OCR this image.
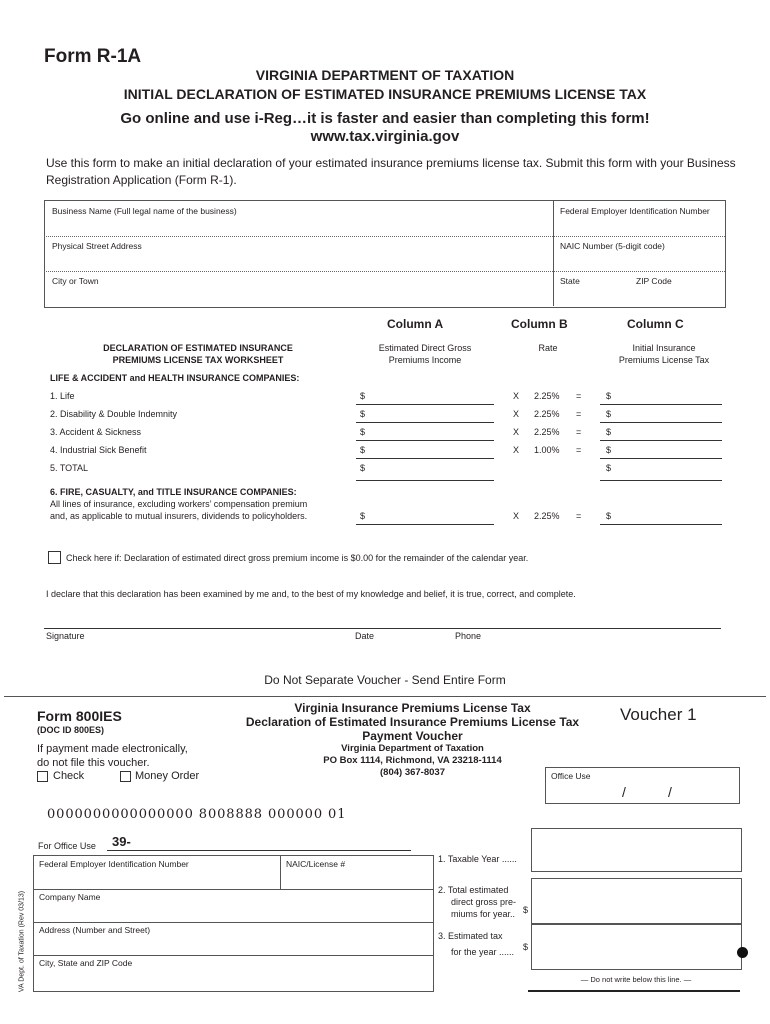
Form R-1A
VIRGINIA DEPARTMENT OF TAXATION
INITIAL DECLARATION OF ESTIMATED INSURANCE PREMIUMS LICENSE TAX
Go online and use i-Reg…it is faster and easier than completing this form!
www.tax.virginia.gov
Use this form to make an initial declaration of your estimated insurance premiums license tax. Submit this form with your Business Registration Application (Form R-1).
Business Name (Full legal name of the business)	Federal Employer Identification Number
Physical Street Address	NAIC Number (5-digit code)
City or Town	State	ZIP Code
Column A	Column B	Column C
DECLARATION OF ESTIMATED INSURANCE
PREMIUMS LICENSE TAX WORKSHEET
Estimated Direct Gross
Premiums Income
Rate	Initial Insurance
Premiums License Tax
LIFE & ACCIDENT and HEALTH INSURANCE COMPANIES:
1. Life	$	X 2.25% =	$
2. Disability & Double Indemnity	$	X 2.25% =	$
3. Accident & Sickness	$	X 2.25% =	$
4. Industrial Sick Benefit	$	X 1.00% =	$
5. TOTAL	$	$
6. FIRE, CASUALTY, and TITLE INSURANCE COMPANIES:
All lines of insurance, excluding workers’ compensation premium
and, as applicable to mutual insurers, dividends to policyholders.	$	X 2.25% =	$
Check here if: Declaration of estimated direct gross premium income is $0.00 for the remainder of the calendar year.
I declare that this declaration has been examined by me and, to the best of my knowledge and belief, it is true, correct, and complete.
Signature	Date	Phone
Do Not Separate Voucher - Send Entire Form
Form 800IES
(DOC ID 800ES)
If payment made electronically,
do not file this voucher.
Check	Money Order
Virginia Insurance Premiums License Tax
Declaration of Estimated Insurance Premiums License Tax
Payment Voucher
Virginia Department of Taxation
PO Box 1114, Richmond, VA 23218-1114
(804) 367-8037
Voucher 1
Office Use
/	/
0000000000000000 8008888 000000 01
For Office Use 39-
Federal Employer Identification Number	NAIC/License #
Company Name
Address (Number and Street)
City, State and ZIP Code
VA Dept. of Taxation (Rev 03/13)
1. Taxable Year ......
2. Total estimated
direct gross pre-
miums for year.. $
3. Estimated tax
for the year ...... $
— Do not write below this line. —
